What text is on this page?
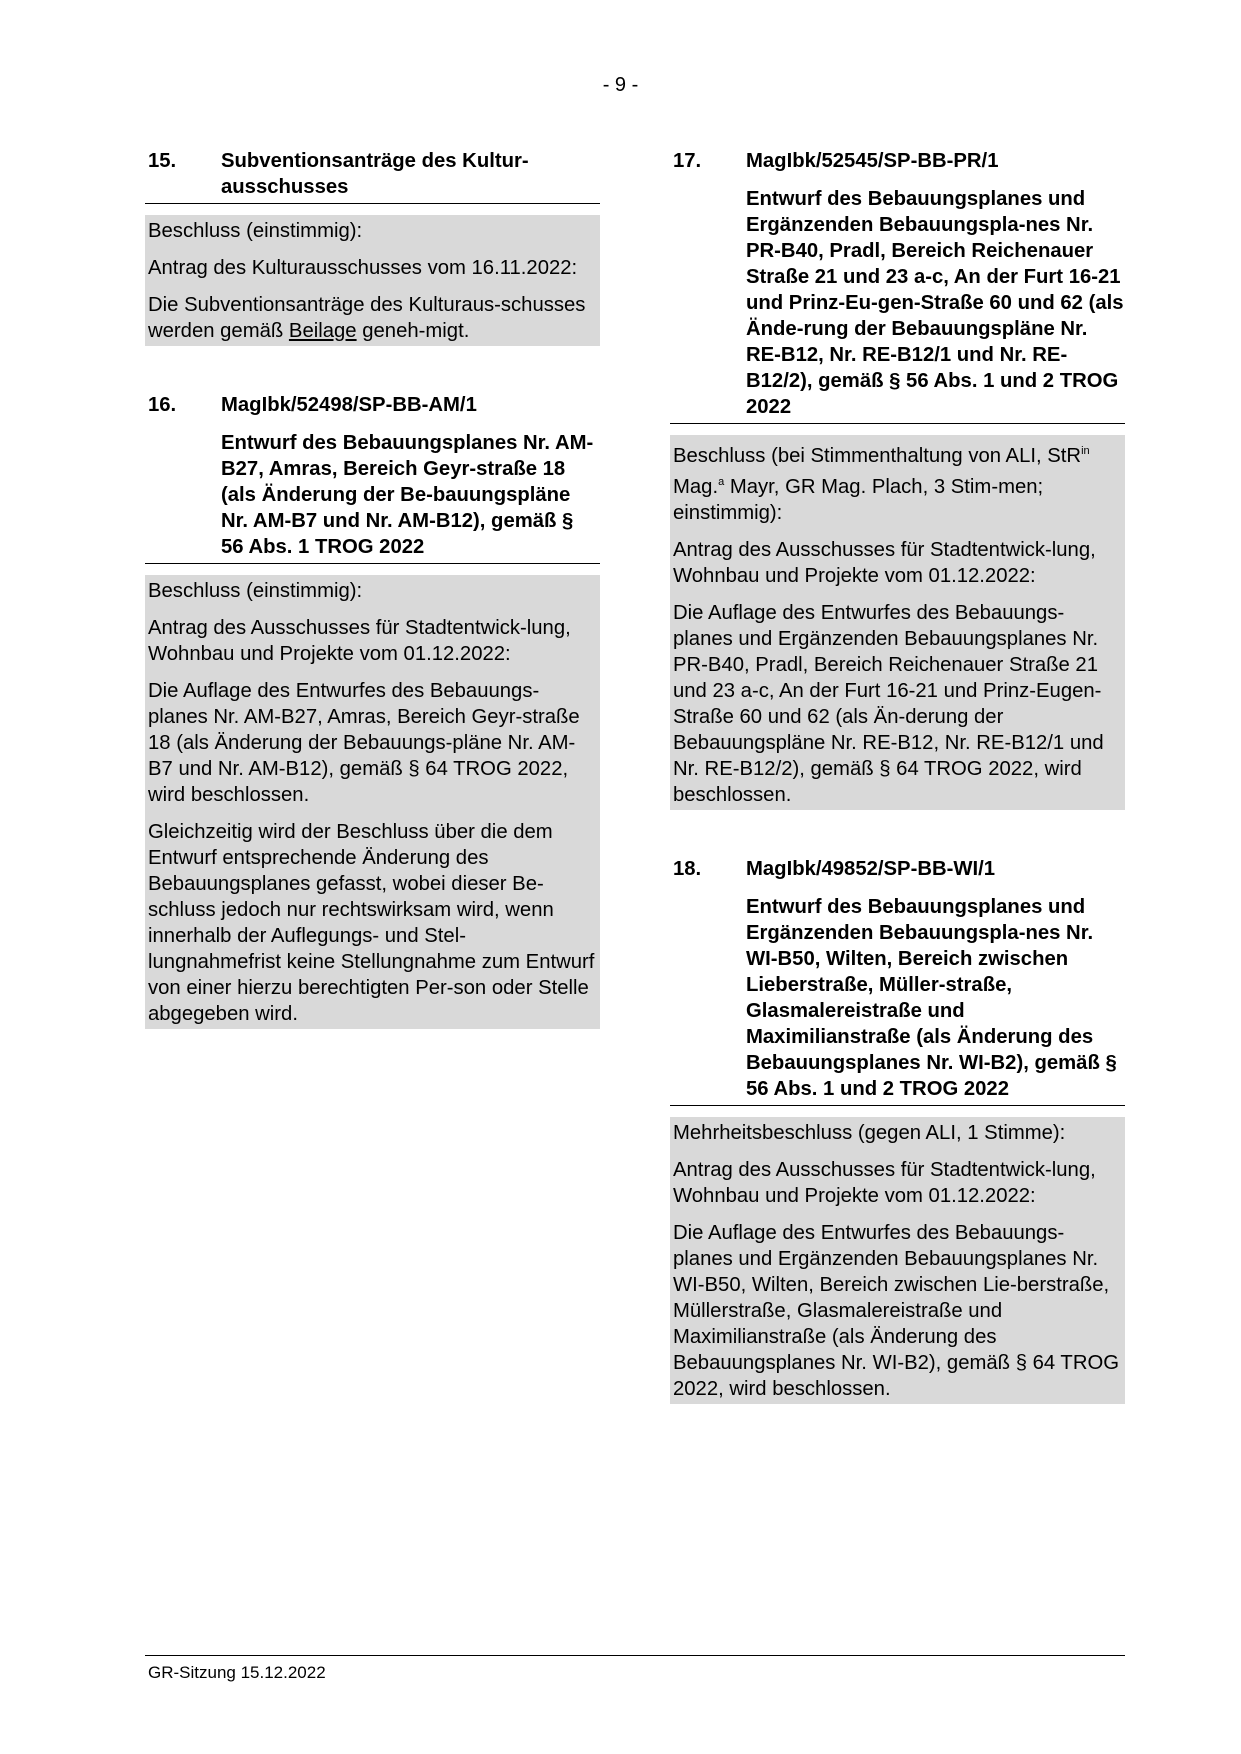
- 9 -
15. Subventionsanträge des Kultur-
ausschusses

Beschluss (einstimmig):

Antrag des Kulturausschusses vom 16.11.2022:

Die Subventionsanträge des Kulturaus-schusses werden gemäß Beilage geneh-migt.

16. MagIbk/52498/SP-BB-AM/1
Entwurf des Bebauungsplanes Nr. AM-B27, Amras, Bereich Geyr-straße 18 (als Änderung der Be-bauungspläne Nr. AM-B7 und Nr. AM-B12), gemäß § 56 Abs. 1 TROG 2022

Beschluss (einstimmig):

Antrag des Ausschusses für Stadtentwick-lung, Wohnbau und Projekte vom 01.12.2022:

Die Auflage des Entwurfes des Bebauungs-planes Nr. AM-B27, Amras, Bereich Geyr-straße 18 (als Änderung der Bebauungs-pläne Nr. AM-B7 und Nr. AM-B12), gemäß § 64 TROG 2022, wird beschlossen.

Gleichzeitig wird der Beschluss über die dem Entwurf entsprechende Änderung des Bebauungsplanes gefasst, wobei dieser Be-schluss jedoch nur rechtswirksam wird, wenn innerhalb der Auflegungs- und Stel-lungnahmefrist keine Stellungnahme zum Entwurf von einer hierzu berechtigten Per-son oder Stelle abgegeben wird.

17. MagIbk/52545/SP-BB-PR/1
Entwurf des Bebauungsplanes und Ergänzenden Bebauungspla-nes Nr. PR-B40, Pradl, Bereich Reichenauer Straße 21 und 23 a-c, An der Furt 16-21 und Prinz-Eu-gen-Straße 60 und 62 (als Ände-rung der Bebauungspläne Nr. RE-B12, Nr. RE-B12/1 und Nr. RE-B12/2), gemäß § 56 Abs. 1 und 2 TROG 2022

Beschluss (bei Stimmenthaltung von ALI, StR$^{in}$ Mag.$^a$ Mayr, GR Mag. Plach, 3 Stim-men; einstimmig):

Antrag des Ausschusses für Stadtentwick-lung, Wohnbau und Projekte vom 01.12.2022:

Die Auflage des Entwurfes des Bebauungs-planes und Ergänzenden Bebauungsplanes Nr. PR-B40, Pradl, Bereich Reichenauer Straße 21 und 23 a-c, An der Furt 16-21 und Prinz-Eugen-Straße 60 und 62 (als Än-derung der Bebauungspläne Nr. RE-B12, Nr. RE-B12/1 und Nr. RE-B12/2), gemäß § 64 TROG 2022, wird beschlossen.

18. MagIbk/49852/SP-BB-WI/1
Entwurf des Bebauungsplanes und Ergänzenden Bebauungspla-nes Nr. WI-B50, Wilten, Bereich zwischen Lieberstraße, Müller-straße, Glasmalereistraße und Maximilianstraße (als Änderung des Bebauungsplanes Nr. WI-B2), gemäß § 56 Abs. 1 und 2 TROG 2022

Mehrheitsbeschluss (gegen ALI, 1 Stimme):

Antrag des Ausschusses für Stadtentwick-lung, Wohnbau und Projekte vom 01.12.2022:

Die Auflage des Entwurfes des Bebauungs-planes und Ergänzenden Bebauungsplanes Nr. WI-B50, Wilten, Bereich zwischen Lie-berstraße, Müllerstraße, Glasmalereistraße und Maximilianstraße (als Änderung des Bebauungsplanes Nr. WI-B2), gemäß § 64 TROG 2022, wird beschlossen.

GR-Sitzung 15.12.2022
